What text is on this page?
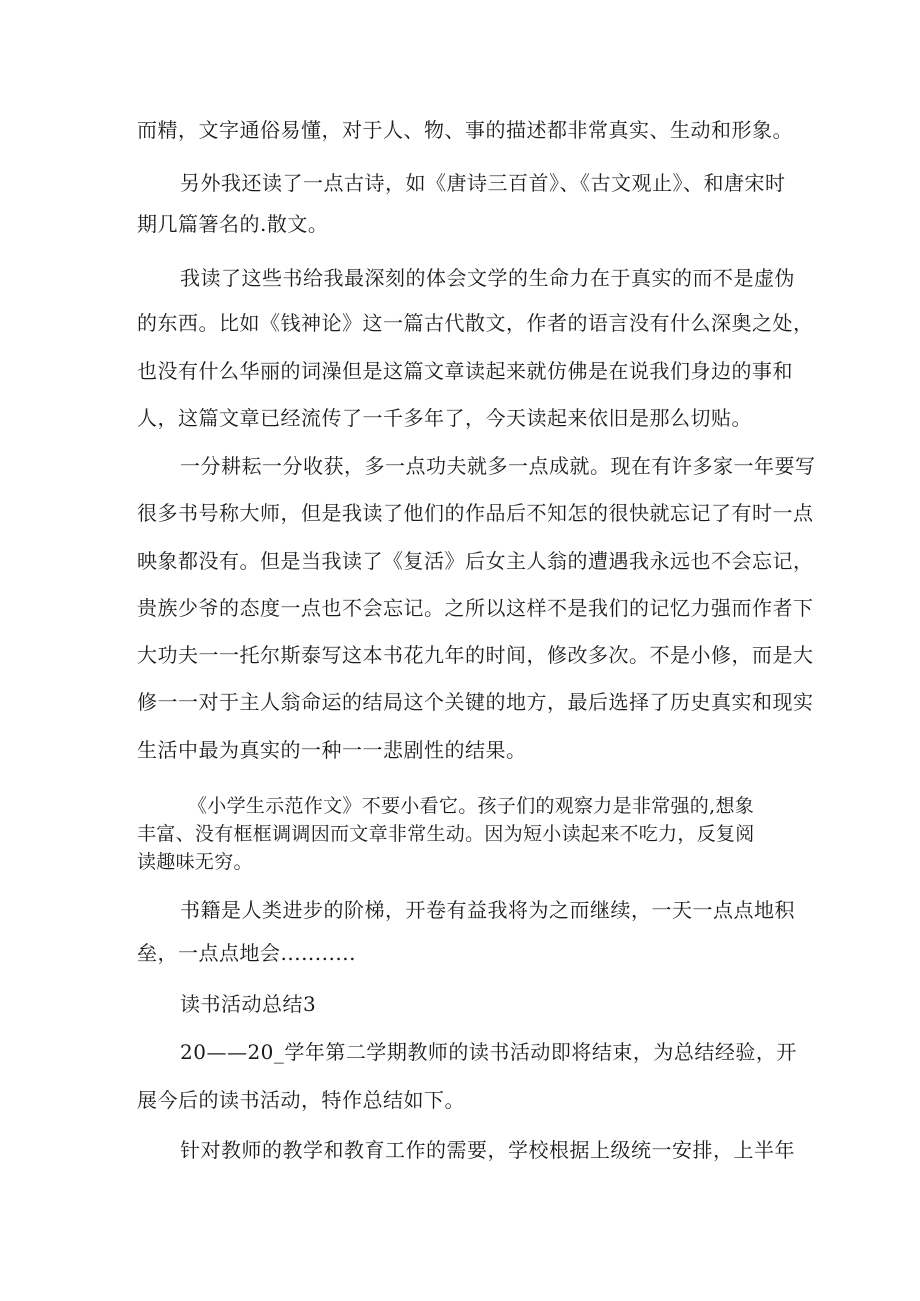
而精，文字通俗易懂，对于人、物、事的描述都非常真实、生动和形象。
另外我还读了一点古诗，如《唐诗三百首》、《古文观止》、和唐宋时
期几篇箸名的.散文。
我读了这些书给我最深刻的体会文学的生命力在于真实的而不是虚伪
的东西。比如《钱神论》这一篇古代散文，作者的语言没有什么深奥之处，
也没有什么华丽的词澡但是这篇文章读起来就仿佛是在说我们身边的事和
人，这篇文章已经流传了一千多年了，今天读起来依旧是那么切贴。
一分耕耘一分收获，多一点功夫就多一点成就。现在有许多家一年要写
很多书号称大师，但是我读了他们的作品后不知怎的很快就忘记了有时一点
映象都没有。但是当我读了《复活》后女主人翁的遭遇我永远也不会忘记，
贵族少爷的态度一点也不会忘记。之所以这样不是我们的记忆力强而作者下
大功夫一一托尔斯泰写这本书花九年的时间，修改多次。不是小修，而是大
修一一对于主人翁命运的结局这个关键的地方，最后选择了历史真实和现实
生活中最为真实的一种一一悲剧性的结果。
《小学生示范作文》不要小看它。孩子们的观察力是非常强的,想象
丰富、没有框框调调因而文章非常生动。因为短小读起来不吃力，反复阅
读趣味无穷。
书籍是人类进步的阶梯，开卷有益我将为之而继续，一天一点点地积
垒，一点点地会...........
读书活动总结3
20——20_学年第二学期教师的读书活动即将结束，为总结经验，开
展今后的读书活动，特作总结如下。
针对教师的教学和教育工作的需要，学校根据上级统一安排，上半年
